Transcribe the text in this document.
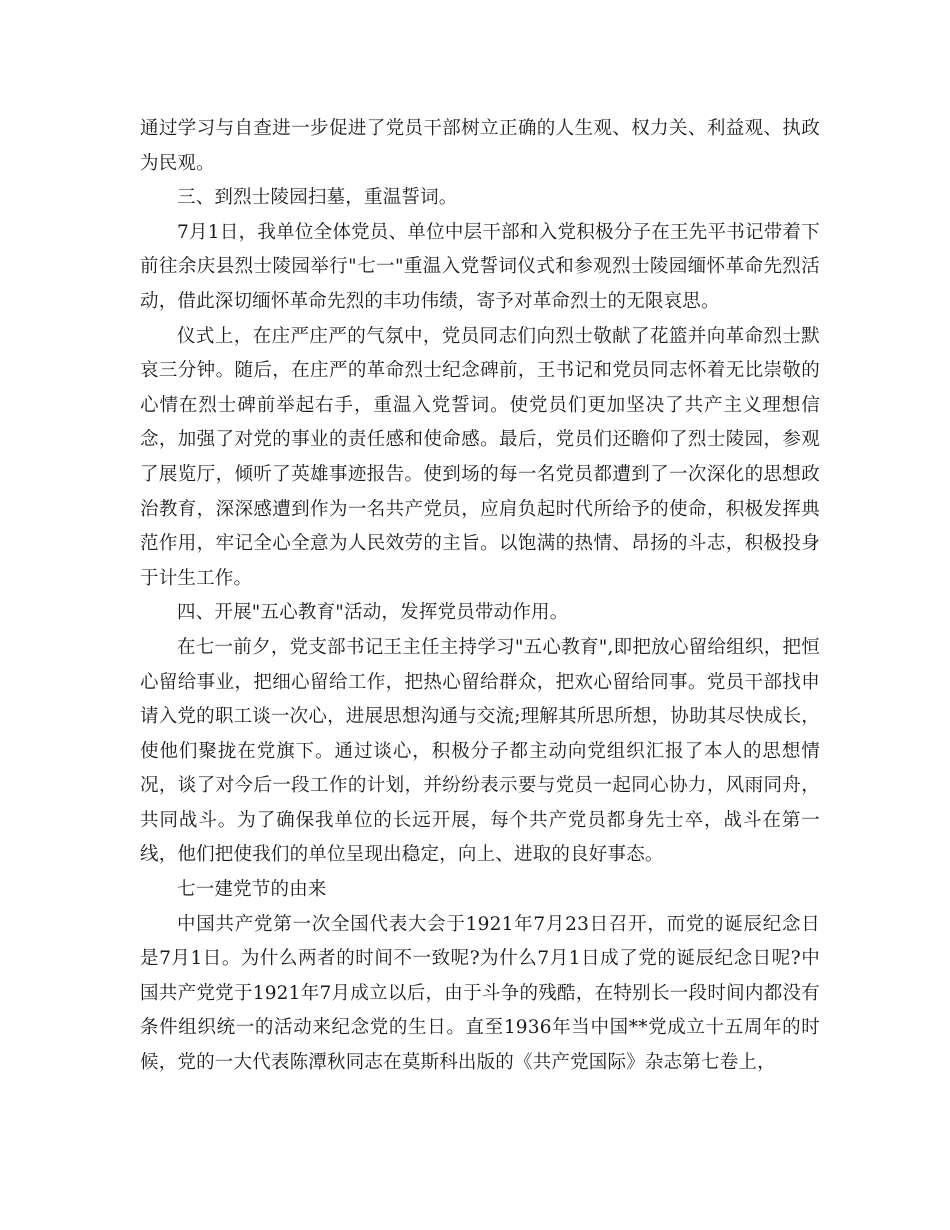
通过学习与自查进一步促进了党员干部树立正确的人生观、权力关、利益观、执政为民观。

三、到烈士陵园扫墓，重温誓词。

7月1日，我单位全体党员、单位中层干部和入党积极分子在王先平书记带着下前往余庆县烈士陵园举行"七一"重温入党誓词仪式和参观烈士陵园缅怀革命先烈活动，借此深切缅怀革命先烈的丰功伟绩，寄予对革命烈士的无限哀思。

仪式上，在庄严庄严的气氛中，党员同志们向烈士敬献了花篮并向革命烈士默哀三分钟。随后，在庄严的革命烈士纪念碑前，王书记和党员同志怀着无比崇敬的心情在烈士碑前举起右手，重温入党誓词。使党员们更加坚决了共产主义理想信念，加强了对党的事业的责任感和使命感。最后，党员们还瞻仰了烈士陵园，参观了展览厅，倾听了英雄事迹报告。使到场的每一名党员都遭到了一次深化的思想政治教育，深深感遭到作为一名共产党员，应肩负起时代所给予的使命，积极发挥典范作用，牢记全心全意为人民效劳的主旨。以饱满的热情、昂扬的斗志，积极投身于计生工作。

四、开展"五心教育"活动，发挥党员带动作用。

在七一前夕，党支部书记王主任主持学习"五心教育",即把放心留给组织，把恒心留给事业，把细心留给工作，把热心留给群众，把欢心留给同事。党员干部找申请入党的职工谈一次心，进展思想沟通与交流;理解其所思所想，协助其尽快成长，使他们聚拢在党旗下。通过谈心，积极分子都主动向党组织汇报了本人的思想情况，谈了对今后一段工作的计划，并纷纷表示要与党员一起同心协力，风雨同舟，共同战斗。为了确保我单位的长远开展，每个共产党员都身先士卒，战斗在第一线，他们把使我们的单位呈现出稳定，向上、进取的良好事态。

七一建党节的由来

中国共产党第一次全国代表大会于1921年7月23日召开，而党的诞辰纪念日是7月1日。为什么两者的时间不一致呢?为什么7月1日成了党的诞辰纪念日呢?中国共产党党于1921年7月成立以后，由于斗争的残酷，在特别长一段时间内都没有条件组织统一的活动来纪念党的生日。直至1936年当中国**党成立十五周年的时候，党的一大代表陈潭秋同志在莫斯科出版的《共产党国际》杂志第七卷上，
